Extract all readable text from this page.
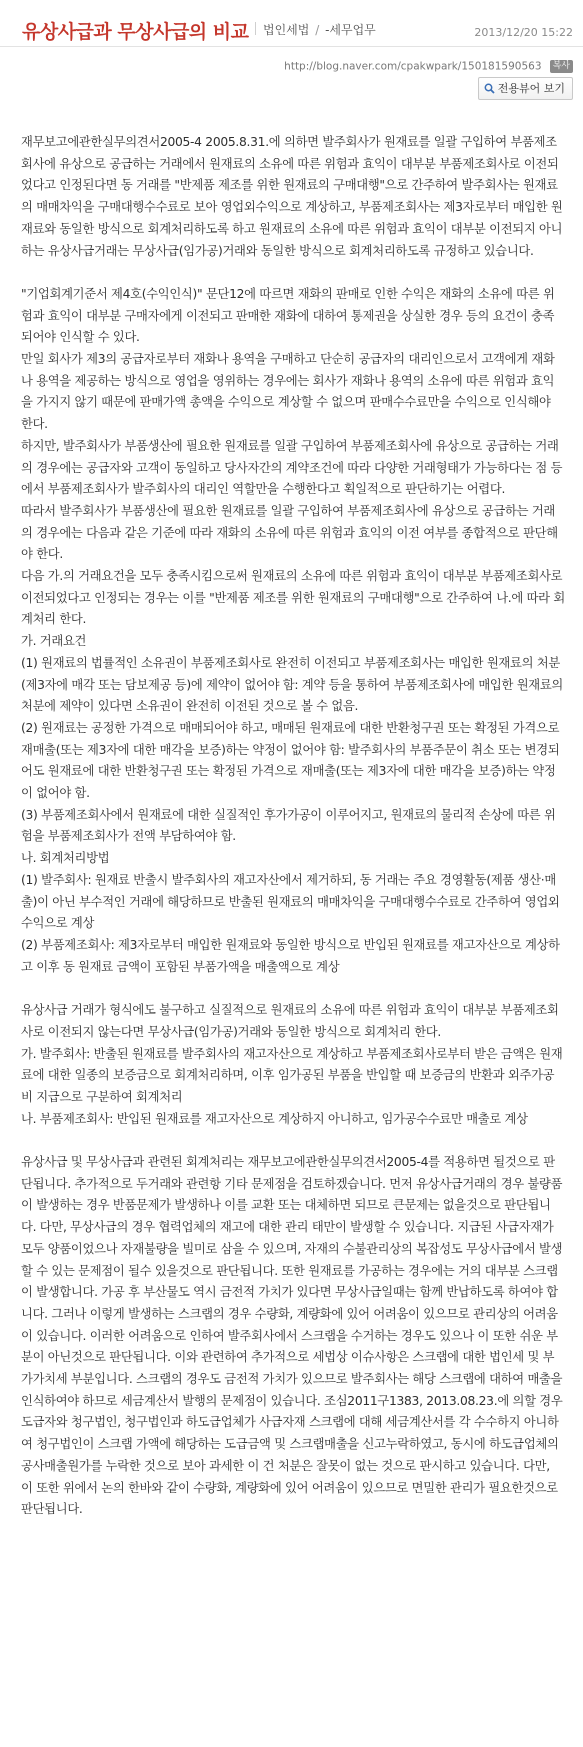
유상사급과 무상사급의 비교 법인세법 / -세무업무	2013/12/20 15:22
http://blog.naver.com/cpakwpark/150181590563 복사
전용뷰어 보기

재무보고에관한실무의견서2005-4 2005.8.31.에 의하면 발주회사가 원재료를 일괄 구입하여 부품제조회사에 유상으로 공급하는 거래에서 원재료의 소유에 따른 위험과 효익이 대부분 부품제조회사로 이전되었다고 인정된다면 동 거래를 "반제품 제조를 위한 원재료의 구매대행"으로 간주하여 발주회사는 원재료의 매매차익을 구매대행수수료로 보아 영업외수익으로 계상하고, 부품제조회사는 제3자로부터 매입한 원재료와 동일한 방식으로 회계처리하도록 하고 원재료의 소유에 따른 위험과 효익이 대부분 이전되지 아니하는 유상사급거래는 무상사급(임가공)거래와 동일한 방식으로 회계처리하도록 규정하고 있습니다.

"기업회계기준서 제4호(수익인식)" 문단12에 따르면 재화의 판매로 인한 수익은 재화의 소유에 따른 위험과 효익이 대부분 구매자에게 이전되고 판매한 재화에 대하여 통제권을 상실한 경우 등의 요건이 충족되어야 인식할 수 있다.

만일 회사가 제3의 공급자로부터 재화나 용역을 구매하고 단순히 공급자의 대리인으로서 고객에게 재화나 용역을 제공하는 방식으로 영업을 영위하는 경우에는 회사가 재화나 용역의 소유에 따른 위험과 효익을 가지지 않기 때문에 판매가액 총액을 수익으로 계상할 수 없으며 판매수수료만을 수익으로 인식해야 한다.

하지만, 발주회사가 부품생산에 필요한 원재료를 일괄 구입하여 부품제조회사에 유상으로 공급하는 거래의 경우에는 공급자와 고객이 동일하고 당사자간의 계약조건에 따라 다양한 거래형태가 가능하다는 점 등에서 부품제조회사가 발주회사의 대리인 역할만을 수행한다고 획일적으로 판단하기는 어렵다.

따라서 발주회사가 부품생산에 필요한 원재료를 일괄 구입하여 부품제조회사에 유상으로 공급하는 거래의 경우에는 다음과 같은 기준에 따라 재화의 소유에 따른 위험과 효익의 이전 여부를 종합적으로 판단해야 한다.

다음 가.의 거래요건을 모두 충족시킴으로써 원재료의 소유에 따른 위험과 효익이 대부분 부품제조회사로 이전되었다고 인정되는 경우는 이를 "반제품 제조를 위한 원재료의 구매대행"으로 간주하여 나.에 따라 회계처리 한다.

가. 거래요건

(1) 원재료의 법률적인 소유권이 부품제조회사로 완전히 이전되고 부품제조회사는 매입한 원재료의 처분(제3자에 매각 또는 담보제공 등)에 제약이 없어야 함: 계약 등을 통하여 부품제조회사에 매입한 원재료의 처분에 제약이 있다면 소유권이 완전히 이전된 것으로 볼 수 없음.

(2) 원재료는 공정한 가격으로 매매되어야 하고, 매매된 원재료에 대한 반환청구권 또는 확정된 가격으로 재매출(또는 제3자에 대한 매각을 보증)하는 약정이 없어야 함: 발주회사의 부품주문이 취소 또는 변경되어도 원재료에 대한 반환청구권 또는 확정된 가격으로 재매출(또는 제3자에 대한 매각을 보증)하는 약정이 없어야 함.

(3) 부품제조회사에서 원재료에 대한 실질적인 후가가공이 이루어지고, 원재료의 물리적 손상에 따른 위험을 부품제조회사가 전액 부담하여야 함.

나. 회계처리방법

(1) 발주회사: 원재료 반출시 발주회사의 재고자산에서 제거하되, 동 거래는 주요 경영활동(제품 생산·매출)이 아닌 부수적인 거래에 해당하므로 반출된 원재료의 매매차익을 구매대행수수료로 간주하여 영업외수익으로 계상

(2) 부품제조회사: 제3자로부터 매입한 원재료와 동일한 방식으로 반입된 원재료를 재고자산으로 계상하고 이후 동 원재료 금액이 포함된 부품가액을 매출액으로 계상

유상사급 거래가 형식에도 불구하고 실질적으로 원재료의 소유에 따른 위험과 효익이 대부분 부품제조회사로 이전되지 않는다면 무상사급(임가공)거래와 동일한 방식으로 회계처리 한다.

가. 발주회사: 반출된 원재료를 발주회사의 재고자산으로 계상하고 부품제조회사로부터 받은 금액은 원재료에 대한 일종의 보증금으로 회계처리하며, 이후 임가공된 부품을 반입할 때 보증금의 반환과 외주가공비 지급으로 구분하여 회계처리

나. 부품제조회사: 반입된 원재료를 재고자산으로 계상하지 아니하고, 임가공수수료만 매출로 계상

유상사급 및 무상사급과 관련된 회계처리는 재무보고에관한실무의견서2005-4를 적용하면 될것으로 판단됩니다. 추가적으로 두거래와 관련항 기타 문제점을 검토하겠습니다. 먼저 유상사급거래의 경우 불량품이 발생하는 경우 반품문제가 발생하나 이를 교환 또는 대체하면 되므로 큰문제는 없을것으로 판단됩니다. 다만, 무상사급의 경우 협력업체의 재고에 대한 관리 태만이 발생할 수 있습니다. 지급된 사급자재가 모두 양품이었으나 자재불량을 빌미로 삼을 수 있으며, 자재의 수불관리상의 복잡성도 무상사급에서 발생할 수 있는 문제점이 될수 있을것으로 판단됩니다. 또한 원재료를 가공하는 경우에는 거의 대부분 스크랩이 발생합니다. 가공 후 부산물도 역시 금전적 가치가 있다면 무상사급일때는 함께 반납하도록 하여야 합니다. 그러나 이렇게 발생하는 스크랩의 경우 수량화, 계량화에 있어 어려움이 있으므로 관리상의 어려움이 있습니다. 이러한 어려움으로 인하여 발주회사에서 스크랩을 수거하는 경우도 있으나 이 또한 쉬운 부분이 아닌것으로 판단됩니다. 이와 관련하여 추가적으로 세법상 이슈사항은 스크랩에 대한 법인세 및 부가가치세 부분입니다. 스크랩의 경우도 금전적 가치가 있으므로 발주회사는 해당 스크랩에 대하여 매출을 인식하여야 하므로 세금계산서 발행의 문제점이 있습니다. 조심2011구1383, 2013.08.23.에 의할 경우 도급자와 청구법인, 청구법인과 하도급업체가 사급자재 스크랩에 대해 세금계산서를 각 수수하지 아니하여 청구법인이 스크랩 가액에 해당하는 도급금액 및 스크랩매출을 신고누락하였고, 동시에 하도급업체의 공사매출원가를 누락한 것으로 보아 과세한 이 건 처분은 잘못이 없는 것으로 판시하고 있습니다. 다만, 이 또한 위에서 논의 한바와 같이 수량화, 계량화에 있어 어려움이 있으므로 면밀한 관리가 필요한것으로 판단됩니다.
